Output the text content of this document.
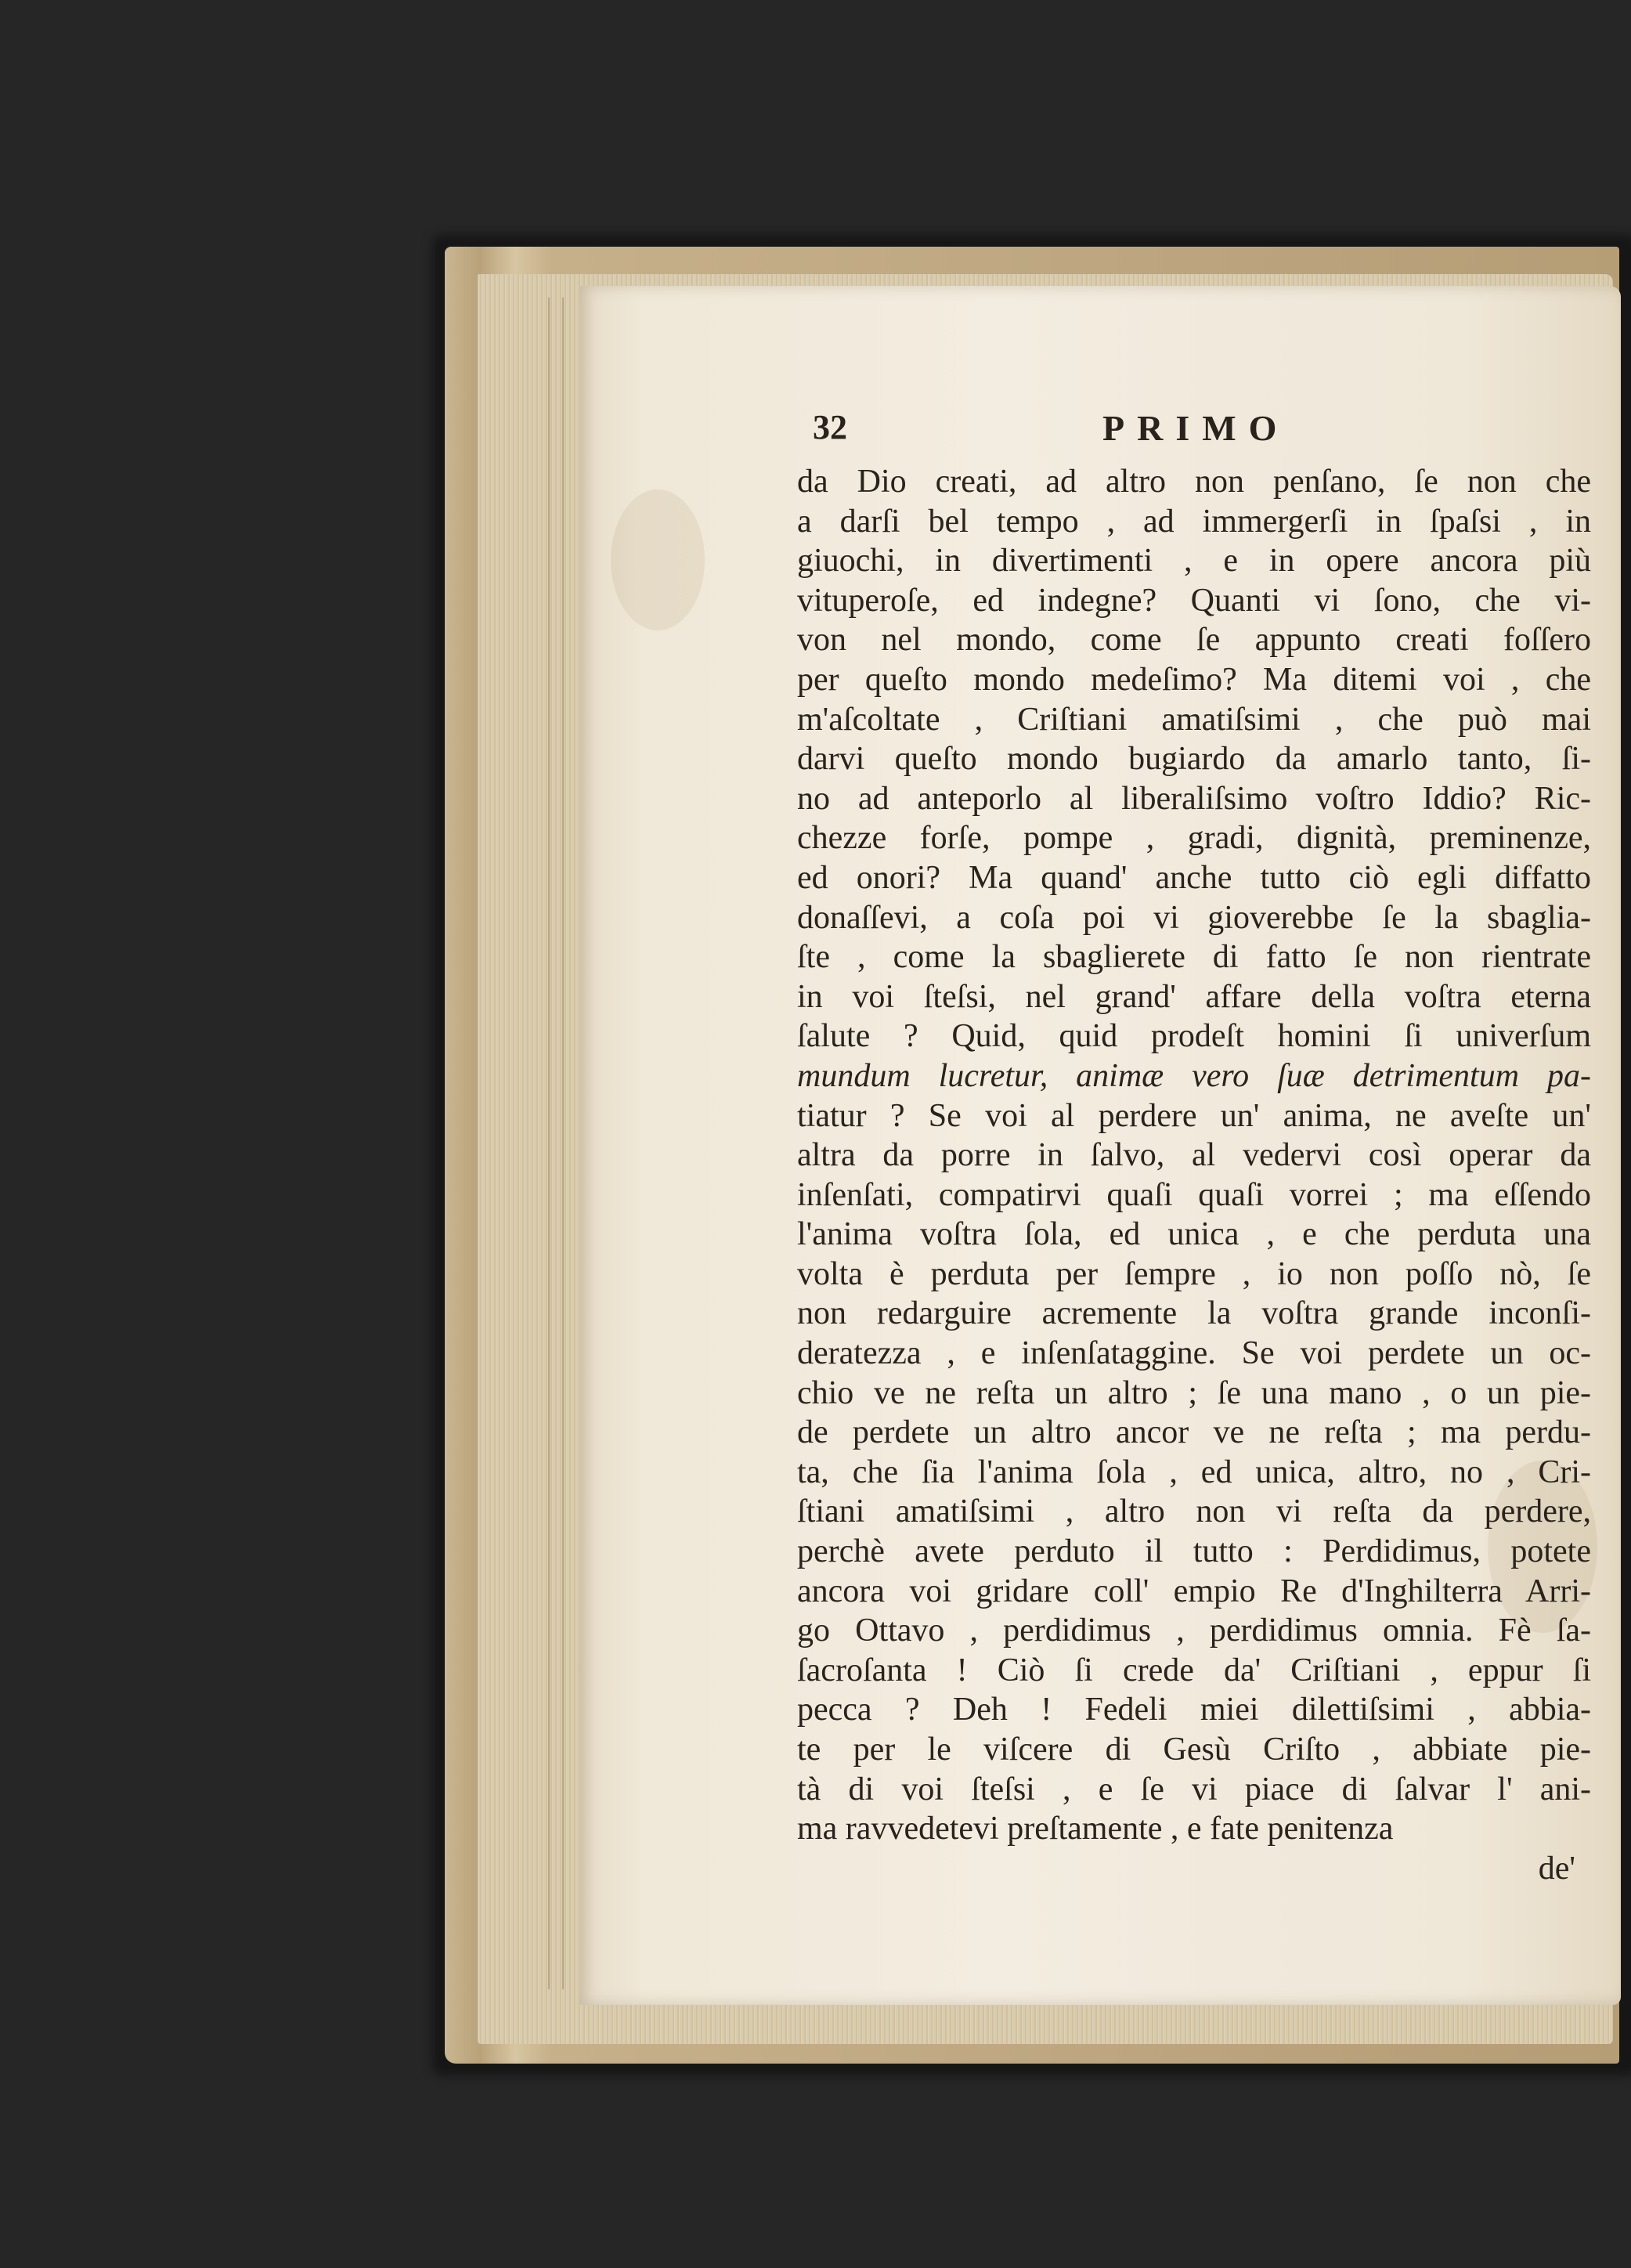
32	PRIMO
da Dio creati, ad altro non penſano, ſe non che
a darſi bel tempo , ad immergerſi in ſpaſsi , in
giuochi, in divertimenti , e in opere ancora più
vituperoſe, ed indegne? Quanti vi ſono, che vi-
von nel mondo, come ſe appunto creati foſſero
per queſto mondo medeſimo? Ma ditemi voi , che
m'aſcoltate , Criſtiani amatiſsimi , che può mai
darvi queſto mondo bugiardo da amarlo tanto, ſi-
no ad anteporlo al liberaliſsimo voſtro Iddio? Ric-
chezze forſe, pompe , gradi, dignità, preminenze,
ed onori? Ma quand' anche tutto ciò egli diffatto
donaſſevi, a coſa poi vi gioverebbe ſe la sbaglia-
ſte , come la sbaglierete di fatto ſe non rientrate
in voi ſteſsi, nel grand' affare della voſtra eterna
ſalute ? Quid, quid prodeſt homini ſi univerſum
mundum lucretur, animæ vero ſuæ detrimentum pa-
tiatur ? Se voi al perdere un' anima, ne aveſte un'
altra da porre in ſalvo, al vedervi così operar da
inſenſati, compatirvi quaſi quaſi vorrei ; ma eſſendo
l'anima voſtra ſola, ed unica , e che perduta una
volta è perduta per ſempre , io non poſſo nò, ſe
non redarguire acremente la voſtra grande inconſi-
deratezza , e inſenſataggine. Se voi perdete un oc-
chio ve ne reſta un altro ; ſe una mano , o un pie-
de perdete un altro ancor ve ne reſta ; ma perdu-
ta, che ſia l'anima ſola , ed unica, altro, no , Cri-
ſtiani amatiſsimi , altro non vi reſta da perdere,
perchè avete perduto il tutto : Perdidimus, potete
ancora voi gridare coll' empio Re d'Inghilterra Arri-
go Ottavo , perdidimus , perdidimus omnia. Fè ſa-
ſacroſanta ! Ciò ſi crede da' Criſtiani , eppur ſi
pecca ? Deh ! Fedeli miei dilettiſsimi , abbia-
te per le viſcere di Gesù Criſto , abbiate pie-
tà di voi ſteſsi , e ſe vi piace di ſalvar l' ani-
ma ravvedetevi preſtamente , e fate penitenza
de'
